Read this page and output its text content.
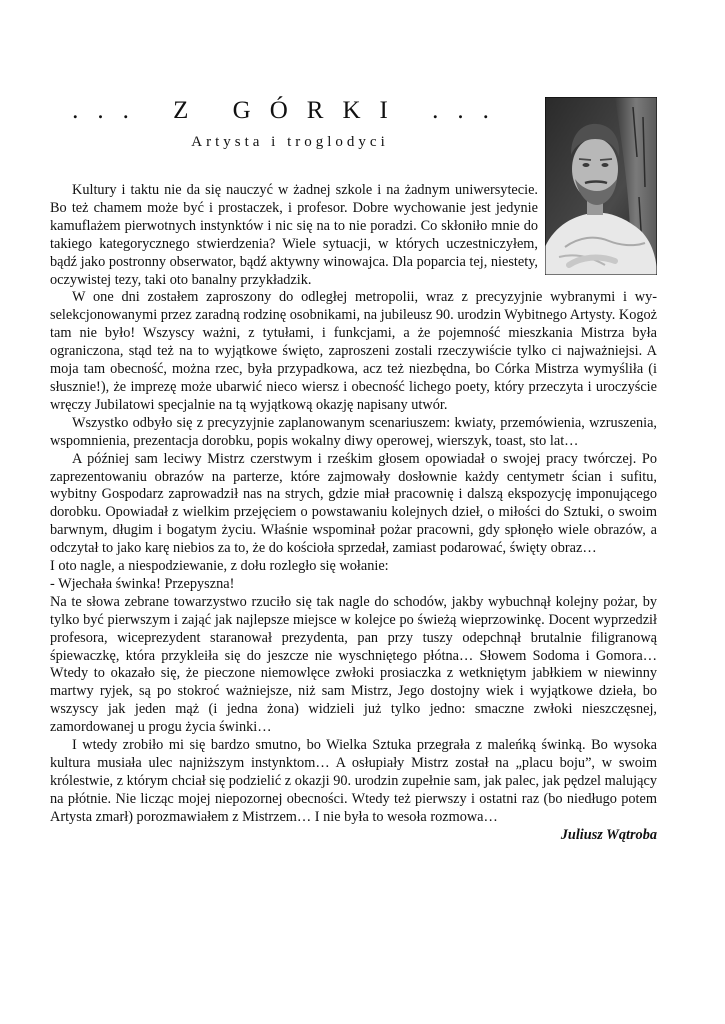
... Z GÓRKI ...
Artysta i troglodyci

Kultury i taktu nie da się nauczyć w żadnej szkole i na żadnym uniwersytecie. Bo też chamem może być i prostaczek, i profesor. Dobre wychowanie jest jedynie kamuflażem pierwotnych instynktów i nic się na to nie poradzi. Co skłoniło mnie do takiego kategorycznego stwierdzenia? Wiele sytuacji, w których uczestniczyłem, bądź jako postronny obserwator, bądź aktywny winowajca. Dla poparcia tej, niestety, oczywistej tezy, taki oto banalny przykładzik.

W one dni zostałem zaproszony do odległej metropolii, wraz z precyzyjnie wybranymi i wy-selekcjonowanymi przez zaradną rodzinę osobnikami, na jubileusz 90. urodzin Wybitnego Artysty. Kogoż tam nie było! Wszyscy ważni, z tytułami, i funkcjami, a że pojemność mieszkania Mistrza była ograniczona, stąd też na to wyjątkowe święto, zaproszeni zostali rzeczywiście tylko ci najważniejsi. A moja tam obecność, można rzec, była przypadkowa, acz też niezbędna, bo Córka Mistrza wymyśliła (i słusznie!), że imprezę może ubarwić nieco wiersz i obecność lichego poety, który przeczyta i uroczyście wręczy Jubilatowi specjalnie na tą wyjątkową okazję napisany utwór.

Wszystko odbyło się z precyzyjnie zaplanowanym scenariuszem: kwiaty, przemówienia, wzruszenia, wspomnienia, prezentacja dorobku, popis wokalny diwy operowej, wierszyk, toast, sto lat…

A później sam leciwy Mistrz czerstwym i rześkim głosem opowiadał o swojej pracy twórczej. Po zaprezentowaniu obrazów na parterze, które zajmowały dosłownie każdy centymetr ścian i sufitu, wybitny Gospodarz zaprowadził nas na strych, gdzie miał pracownię i dalszą ekspozycję imponującego dorobku. Opowiadał z wielkim przejęciem o powstawaniu kolejnych dzieł, o miłości do Sztuki, o swoim barwnym, długim i bogatym życiu. Właśnie wspominał pożar pracowni, gdy spłonęło wiele obrazów, a odczytał to jako karę niebios za to, że do kościoła sprzedał, zamiast podarować, święty obraz…

I oto nagle, a niespodziewanie, z dołu rozległo się wołanie:

- Wjechała świnka! Przepyszna!

Na te słowa zebrane towarzystwo rzuciło się tak nagle do schodów, jakby wybuchnął kolejny pożar, by tylko być pierwszym i zająć jak najlepsze miejsce w kolejce po świeżą wieprzowinkę. Docent wyprzedził profesora, wiceprezydent staranował prezydenta, pan przy tuszy odepchnął brutalnie filigranową śpiewaczkę, która przykleiła się do jeszcze nie wyschniętego płótna… Słowem Sodoma i Gomora… Wtedy to okazało się, że pieczone niemowlęce zwłoki prosiaczka z wetkniętym jabłkiem w niewinny martwy ryjek, są po stokroć ważniejsze, niż sam Mistrz, Jego dostojny wiek i wyjątkowe dzieła, bo wszyscy jak jeden mąż (i jedna żona) widzieli już tylko jedno: smaczne zwłoki nieszczęsnej, zamordowanej u progu życia świnki…

I wtedy zrobiło mi się bardzo smutno, bo Wielka Sztuka przegrała z maleńką świnką. Bo wysoka kultura musiała ulec najniższym instynktom… A osłupiały Mistrz został na „placu boju”, w swoim królestwie, z którym chciał się podzielić z okazji 90. urodzin zupełnie sam, jak palec, jak pędzel malujący na płótnie. Nie licząc mojej niepozornej obecności. Wtedy też pierwszy i ostatni raz (bo niedługo potem Artysta zmarł) porozmawiałem z Mistrzem… I nie była to wesoła rozmowa…

Juliusz Wątroba
